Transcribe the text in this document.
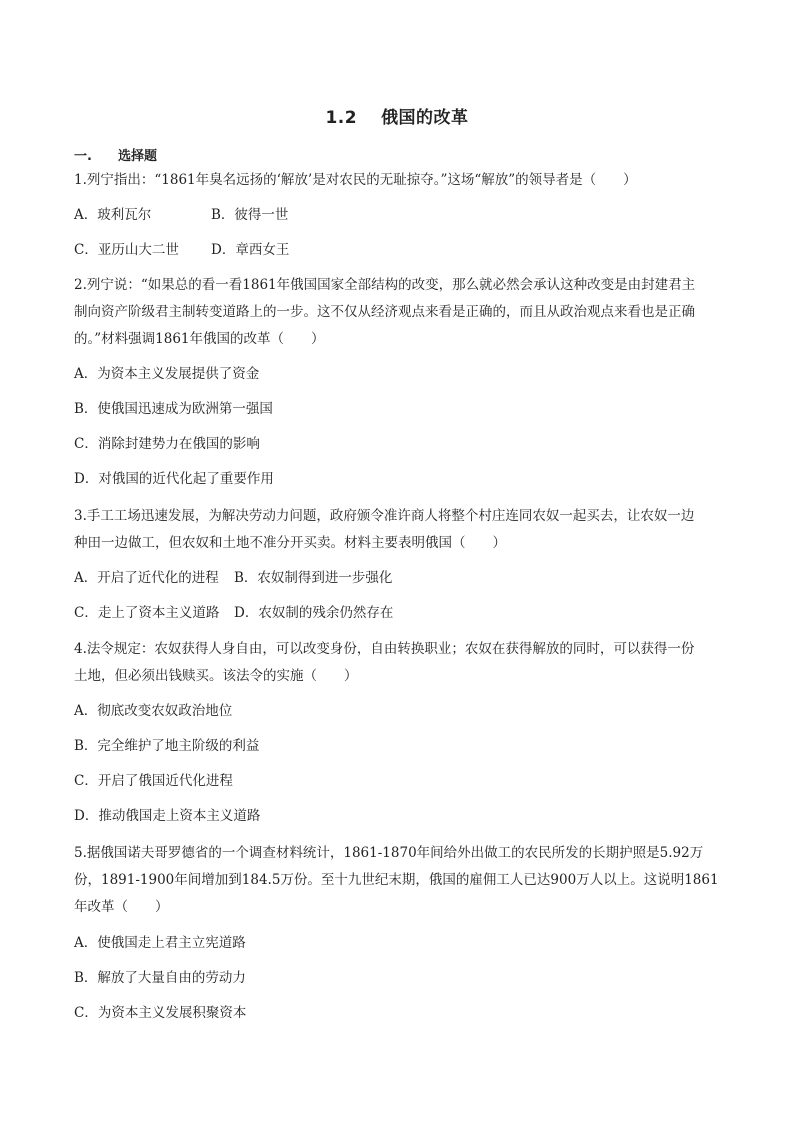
1.2 俄国的改革
一. 选择题
1.列宁指出：“1861年臭名远扬的‘解放’是对农民的无耻掠夺。”这场“解放”的领导者是（　　）
A．玻利瓦尔	B．彼得一世
C．亚历山大二世 D．章西女王
2.列宁说：“如果总的看一看1861年俄国国家全部结构的改变，那么就必然会承认这种改变是由封建君主
制向资产阶级君主制转变道路上的一步。这不仅从经济观点来看是正确的，而且从政治观点来看也是正确
的。”材料强调1861年俄国的改革（　　）
A．为资本主义发展提供了资金
B．使俄国迅速成为欧洲第一强国
C．消除封建势力在俄国的影响
D．对俄国的近代化起了重要作用
3.手工工场迅速发展，为解决劳动力问题，政府颁令准许商人将整个村庄连同农奴一起买去，让农奴一边
种田一边做工，但农奴和土地不准分开买卖。材料主要表明俄国（　　）
A．开启了近代化的进程 B．农奴制得到进一步强化
C．走上了资本主义道路 D．农奴制的残余仍然存在
4.法令规定：农奴获得人身自由，可以改变身份，自由转换职业；农奴在获得解放的同时，可以获得一份
土地，但必须出钱赎买。该法令的实施（　　）
A．彻底改变农奴政治地位
B．完全维护了地主阶级的利益
C．开启了俄国近代化进程
D．推动俄国走上资本主义道路
5.据俄国诺夫哥罗德省的一个调查材料统计，1861-1870年间给外出做工的农民所发的长期护照是5.92万
份，1891-1900年间增加到184.5万份。至十九世纪末期，俄国的雇佣工人已达900万人以上。这说明1861
年改革（　　）
A．使俄国走上君主立宪道路
B．解放了大量自由的劳动力
C．为资本主义发展积聚资本
